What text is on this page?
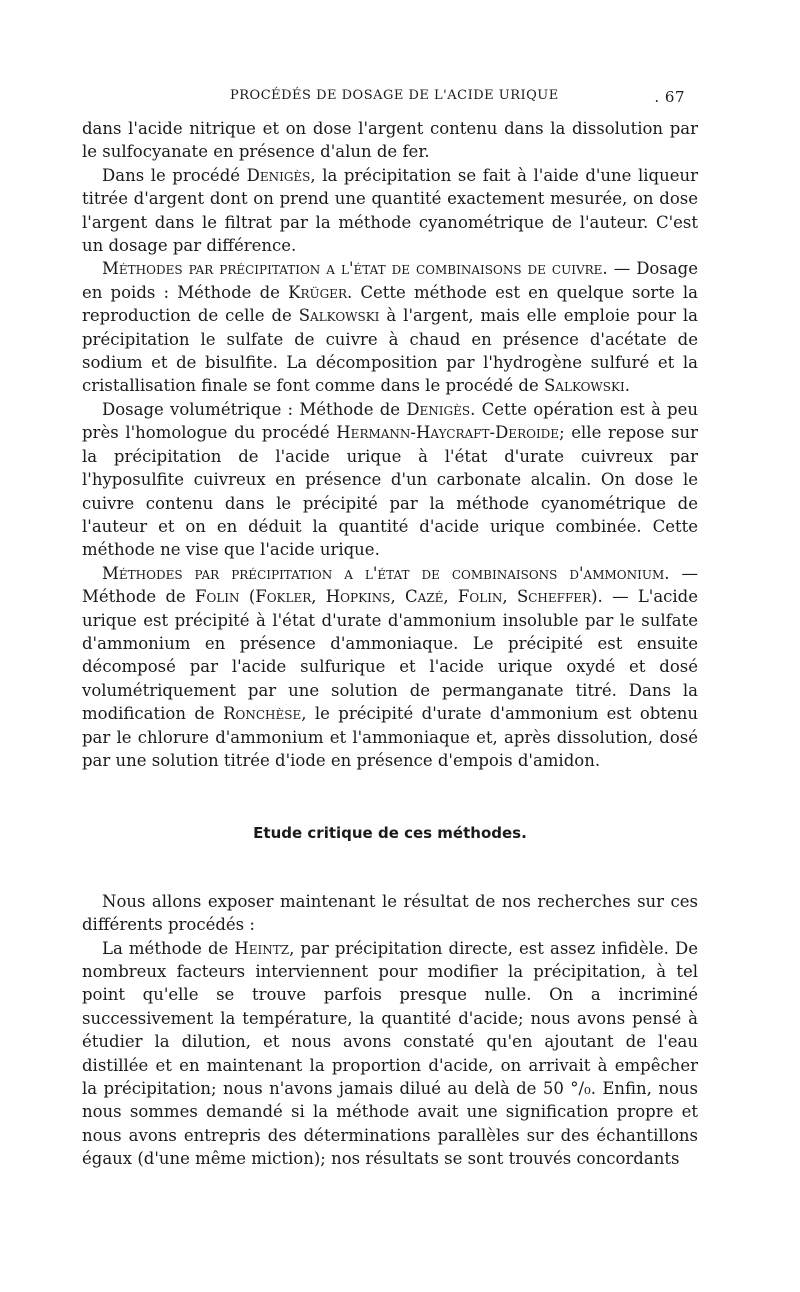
PROCÉDÉS DE DOSAGE DE L'ACIDE URIQUE	. 67

dans l'acide nitrique et on dose l'argent contenu dans la dissolution par le sulfocyanate en présence d'alun de fer.

Dans le procédé Denigès, la précipitation se fait à l'aide d'une liqueur titrée d'argent dont on prend une quantité exactement mesurée, on dose l'argent dans le filtrat par la méthode cyanométrique de l'auteur. C'est un dosage par différence.

Méthodes par précipitation a l'état de combinaisons de cuivre. — Dosage en poids : Méthode de Krüger. Cette méthode est en quelque sorte la reproduction de celle de Salkowski à l'argent, mais elle emploie pour la précipitation le sulfate de cuivre à chaud en présence d'acétate de sodium et de bisulfite. La décomposition par l'hydrogène sulfuré et la cristallisation finale se font comme dans le procédé de Salkowski.

Dosage volumétrique : Méthode de Denigès. Cette opération est à peu près l'homologue du procédé Hermann-Haycraft-Deroide; elle repose sur la précipitation de l'acide urique à l'état d'urate cuivreux par l'hyposulfite cuivreux en présence d'un carbonate alcalin. On dose le cuivre contenu dans le précipité par la méthode cyanométrique de l'auteur et on en déduit la quantité d'acide urique combinée. Cette méthode ne vise que l'acide urique.

Méthodes par précipitation a l'état de combinaisons d'ammonium. — Méthode de Folin (Fokler, Hopkins, Cazé, Folin, Scheffer). — L'acide urique est précipité à l'état d'urate d'ammonium insoluble par le sulfate d'ammonium en présence d'ammoniaque. Le précipité est ensuite décomposé par l'acide sulfurique et l'acide urique oxydé et dosé volumétriquement par une solution de permanganate titré. Dans la modification de Ronchèse, le précipité d'urate d'ammonium est obtenu par le chlorure d'ammonium et l'ammoniaque et, après dissolution, dosé par une solution titrée d'iode en présence d'empois d'amidon.

Etude critique de ces méthodes.

Nous allons exposer maintenant le résultat de nos recherches sur ces différents procédés :

La méthode de Heintz, par précipitation directe, est assez infidèle. De nombreux facteurs interviennent pour modifier la précipitation, à tel point qu'elle se trouve parfois presque nulle. On a incriminé successivement la température, la quantité d'acide; nous avons pensé à étudier la dilution, et nous avons constaté qu'en ajoutant de l'eau distillée et en maintenant la proportion d'acide, on arrivait à empêcher la précipitation; nous n'avons jamais dilué au delà de 50 °/₀. Enfin, nous nous sommes demandé si la méthode avait une signification propre et nous avons entrepris des déterminations parallèles sur des échantillons égaux (d'une même miction); nos résultats se sont trouvés concordants
